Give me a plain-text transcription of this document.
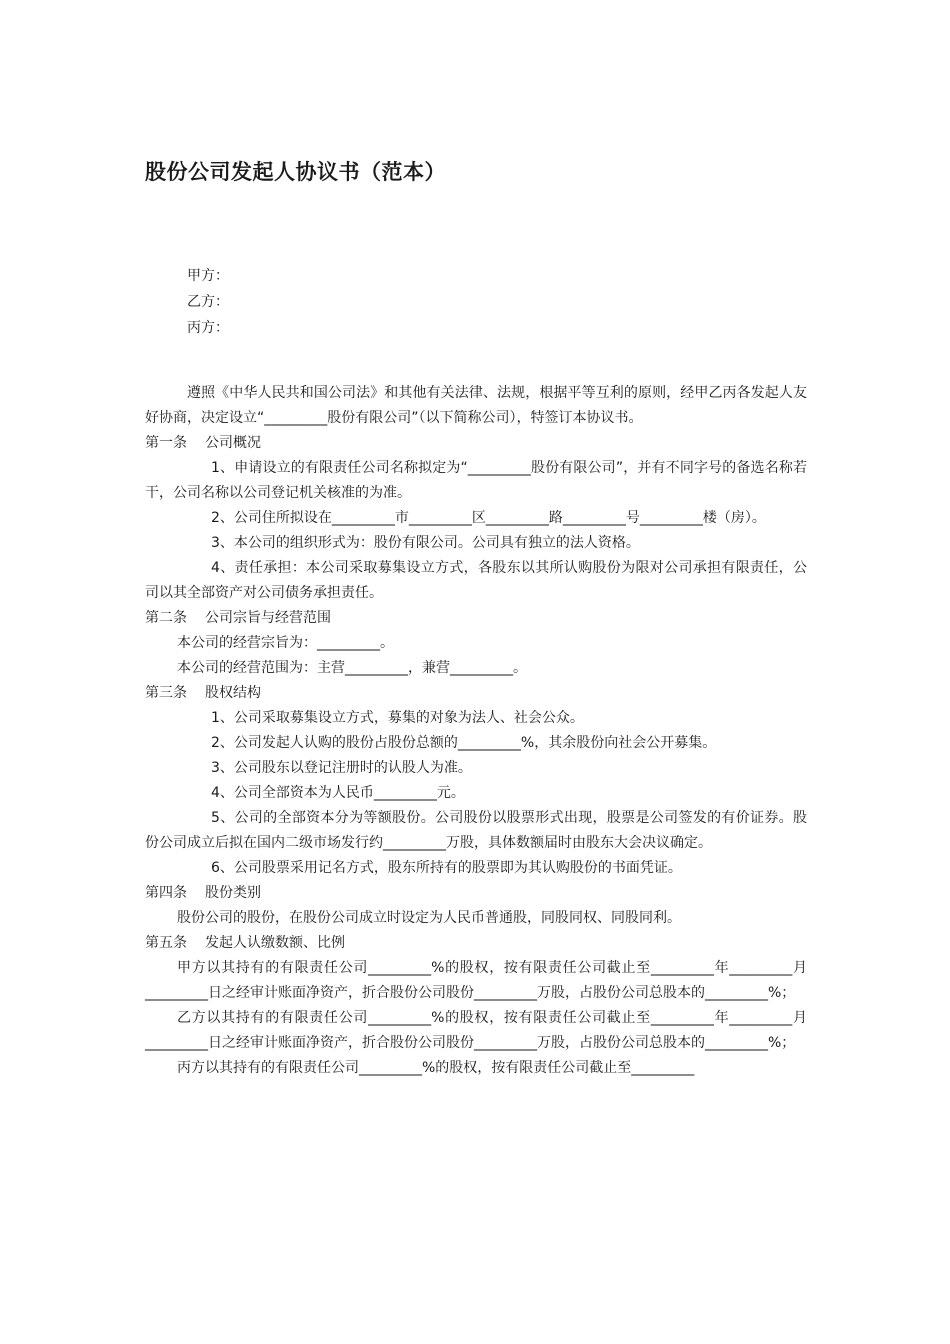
股份公司发起人协议书（范本）
甲方：
乙方：
丙方：

遵照《中华人民共和国公司法》和其他有关法律、法规，根据平等互利的原则，经甲乙丙各发起人友好协商，决定设立“_________股份有限公司”（以下简称公司），特签订本协议书。

第一条 公司概况

1、申请设立的有限责任公司名称拟定为“_________股份有限公司”，并有不同字号的备选名称若干，公司名称以公司登记机关核准的为准。

2、公司住所拟设在_________市_________区_________路_________号_________楼（房）。

3、本公司的组织形式为：股份有限公司。公司具有独立的法人资格。

4、责任承担：本公司采取募集设立方式，各股东以其所认购股份为限对公司承担有限责任，公司以其全部资产对公司债务承担责任。

第二条 公司宗旨与经营范围

本公司的经营宗旨为：_________。

本公司的经营范围为：主营_________，兼营_________。

第三条 股权结构

1、公司采取募集设立方式，募集的对象为法人、社会公众。

2、公司发起人认购的股份占股份总额的_________%，其余股份向社会公开募集。

3、公司股东以登记注册时的认股人为准。

4、公司全部资本为人民币_________元。

5、公司的全部资本分为等额股份。公司股份以股票形式出现，股票是公司签发的有价证券。股份公司成立后拟在国内二级市场发行约_________万股，具体数额届时由股东大会决议确定。

6、公司股票采用记名方式，股东所持有的股票即为其认购股份的书面凭证。

第四条 股份类别

股份公司的股份，在股份公司成立时设定为人民币普通股，同股同权、同股同利。

第五条 发起人认缴数额、比例

甲方以其持有的有限责任公司_________%的股权，按有限责任公司截止至_________年_________月_________日之经审计账面净资产，折合股份公司股份_________万股，占股份公司总股本的_________%；

乙方以其持有的有限责任公司_________%的股权，按有限责任公司截止至_________年_________月_________日之经审计账面净资产，折合股份公司股份_________万股，占股份公司总股本的_________%；

丙方以其持有的有限责任公司_________%的股权，按有限责任公司截止至_________
